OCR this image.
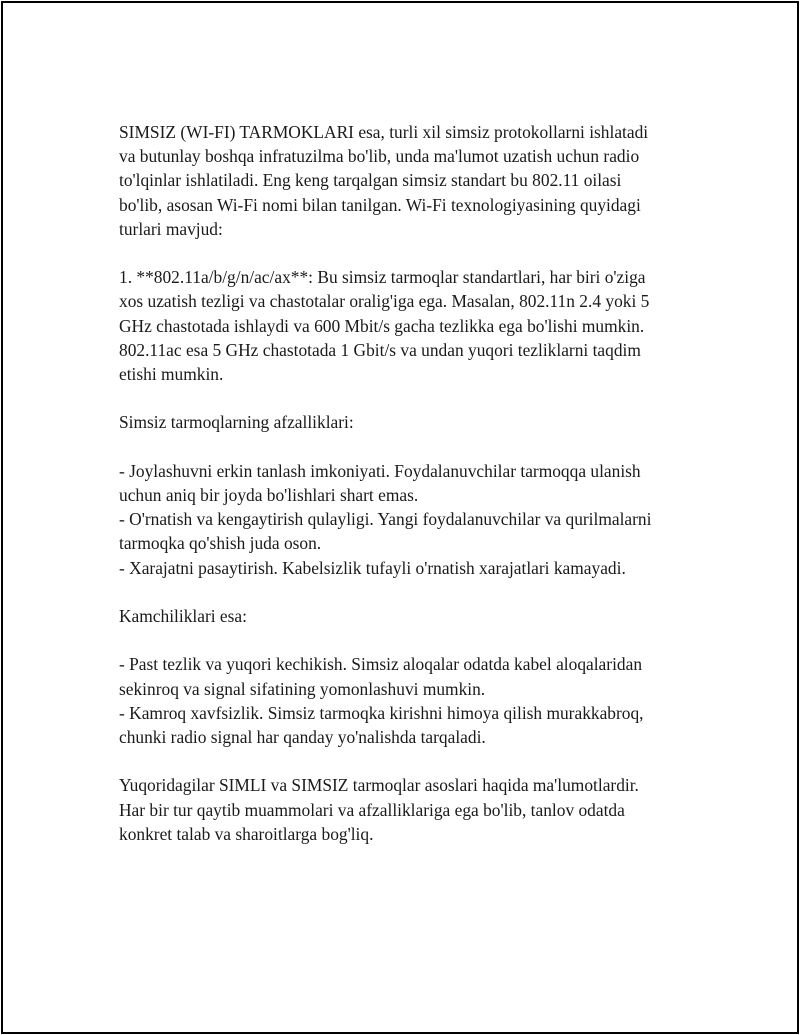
SIMSIZ (WI-FI) TARMOKLARI esa, turli xil simsiz protokollarni ishlatadi
va butunlay boshqa infratuzilma bo'lib, unda ma'lumot uzatish uchun radio
to'lqinlar ishlatiladi. Eng keng tarqalgan simsiz standart bu 802.11 oilasi
bo'lib, asosan Wi-Fi nomi bilan tanilgan. Wi-Fi texnologiyasining quyidagi
turlari mavjud:

1. **802.11a/b/g/n/ac/ax**: Bu simsiz tarmoqlar standartlari, har biri o'ziga
xos uzatish tezligi va chastotalar oralig'iga ega. Masalan, 802.11n 2.4 yoki 5
GHz chastotada ishlaydi va 600 Mbit/s gacha tezlikka ega bo'lishi mumkin.
802.11ac esa 5 GHz chastotada 1 Gbit/s va undan yuqori tezliklarni taqdim
etishi mumkin.

Simsiz tarmoqlarning afzalliklari:

- Joylashuvni erkin tanlash imkoniyati. Foydalanuvchilar tarmoqqa ulanish
uchun aniq bir joyda bo'lishlari shart emas.
- O'rnatish va kengaytirish qulayligi. Yangi foydalanuvchilar va qurilmalarni
tarmoqka qo'shish juda oson.
- Xarajatni pasaytirish. Kabelsizlik tufayli o'rnatish xarajatlari kamayadi.

Kamchiliklari esa:

- Past tezlik va yuqori kechikish. Simsiz aloqalar odatda kabel aloqalaridan
sekinroq va signal sifatining yomonlashuvi mumkin.
- Kamroq xavfsizlik. Simsiz tarmoqka kirishni himoya qilish murakkabroq,
chunki radio signal har qanday yo'nalishda tarqaladi.

Yuqoridagilar SIMLI va SIMSIZ tarmoqlar asoslari haqida ma'lumotlardir.
Har bir tur qaytib muammolari va afzalliklariga ega bo'lib, tanlov odatda
konkret talab va sharoitlarga bog'liq.
